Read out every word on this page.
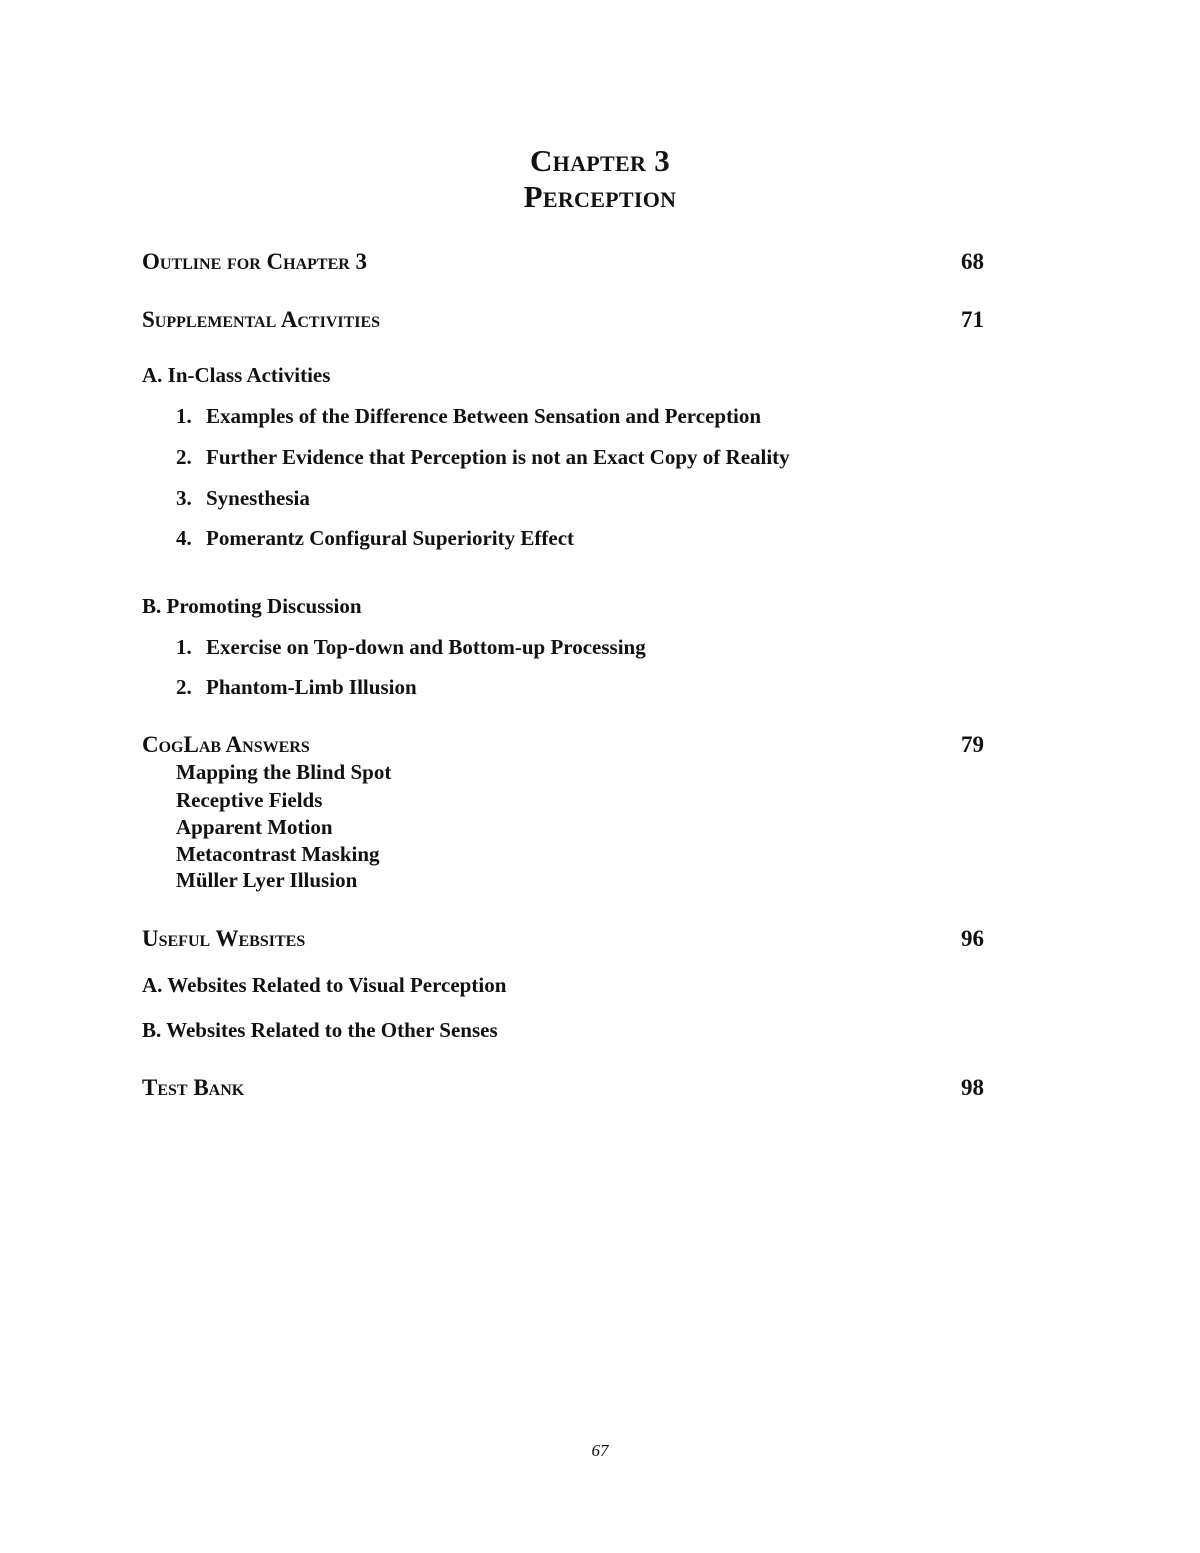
Chapter 3
Perception
Outline for Chapter 3	68
Supplemental Activities	71
A. In-Class Activities
1. Examples of the Difference Between Sensation and Perception
2. Further Evidence that Perception is not an Exact Copy of Reality
3. Synesthesia
4. Pomerantz Configural Superiority Effect
B. Promoting Discussion
1. Exercise on Top-down and Bottom-up Processing
2. Phantom-Limb Illusion
CogLab Answers	79
Mapping the Blind Spot
Receptive Fields
Apparent Motion
Metacontrast Masking
Müller Lyer Illusion
Useful Websites	96
A. Websites Related to Visual Perception
B. Websites Related to the Other Senses
Test Bank	98
67
